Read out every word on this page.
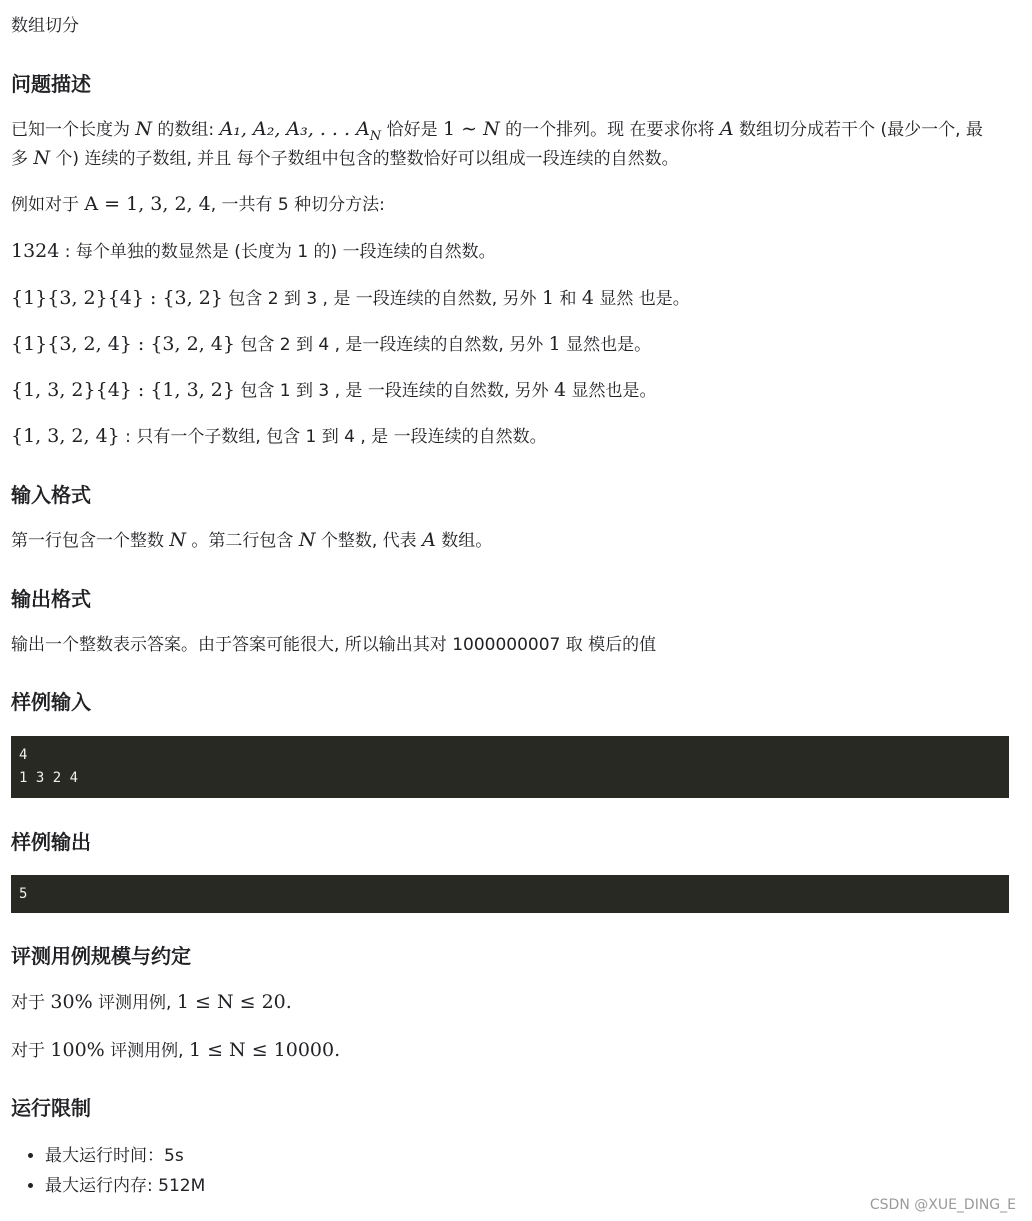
数组切分
问题描述
已知一个长度为 N 的数组: A₁, A₂, A₃, . . . $A_N$ 恰好是 1 ∼ N 的一个排列。现 在要求你将 A 数组切分成若干个 (最少一个, 最
多 N 个) 连续的子数组, 并且 每个子数组中包含的整数恰好可以组成一段连续的自然数。
例如对于 A = 1, 3, 2, 4, 一共有 5 种切分方法:
1324 : 每个单独的数显然是 (长度为 1 的) 一段连续的自然数。
{1}{3, 2}{4} : {3, 2} 包含 2 到 3 , 是 一段连续的自然数, 另外 1 和 4 显然 也是。
{1}{3, 2, 4} : {3, 2, 4} 包含 2 到 4 , 是一段连续的自然数, 另外 1 显然也是。
{1, 3, 2}{4} : {1, 3, 2} 包含 1 到 3 , 是 一段连续的自然数, 另外 4 显然也是。
{1, 3, 2, 4} : 只有一个子数组, 包含 1 到 4 , 是 一段连续的自然数。
输入格式
第一行包含一个整数 N 。第二行包含 N 个整数, 代表 A 数组。
输出格式
输出一个整数表示答案。由于答案可能很大, 所以输出其对 1000000007 取 模后的值
样例输入
4
1 3 2 4
样例输出
5
评测用例规模与约定
对于 30% 评测用例, 1 ≤ N ≤ 20.
对于 100% 评测用例, 1 ≤ N ≤ 10000.
运行限制
• 最大运行时间：5s
• 最大运行内存: 512M
CSDN @XUE_DING_E
